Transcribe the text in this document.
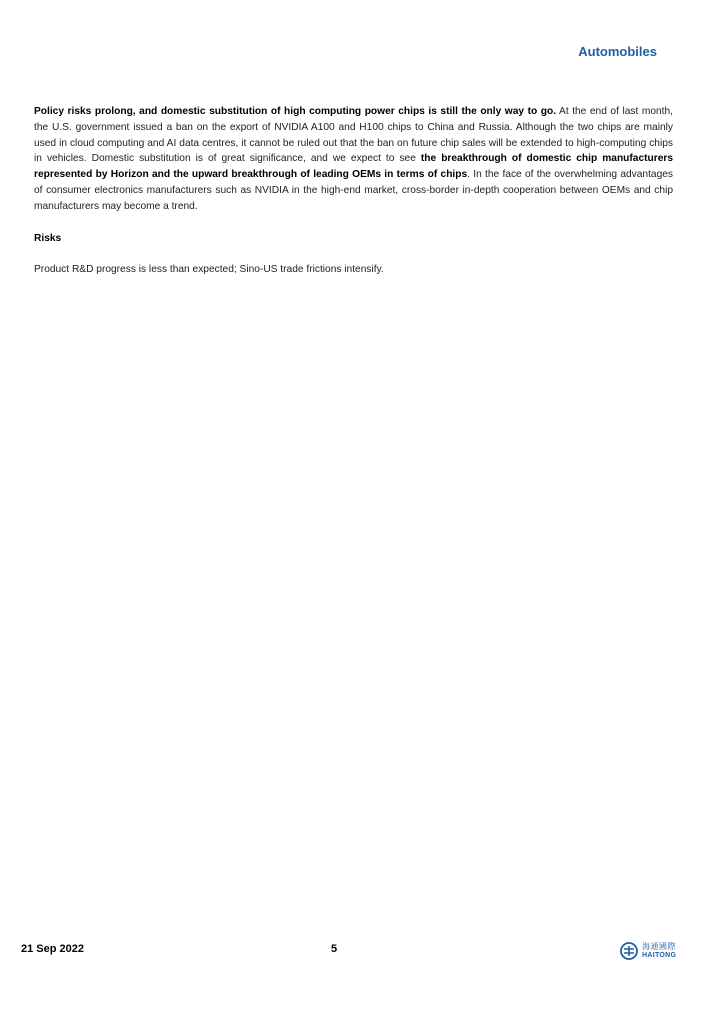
Automobiles

Policy risks prolong, and domestic substitution of high computing power chips is still the only way to go. At the end of last month, the U.S. government issued a ban on the export of NVIDIA A100 and H100 chips to China and Russia. Although the two chips are mainly used in cloud computing and AI data centres, it cannot be ruled out that the ban on future chip sales will be extended to high-computing chips in vehicles. Domestic substitution is of great significance, and we expect to see the breakthrough of domestic chip manufacturers represented by Horizon and the upward breakthrough of leading OEMs in terms of chips. In the face of the overwhelming advantages of consumer electronics manufacturers such as NVIDIA in the high-end market, cross-border in-depth cooperation between OEMs and chip manufacturers may become a trend.

Risks

Product R&D progress is less than expected; Sino-US trade frictions intensify.

21 Sep 2022	5	海通國際
HAITONG
